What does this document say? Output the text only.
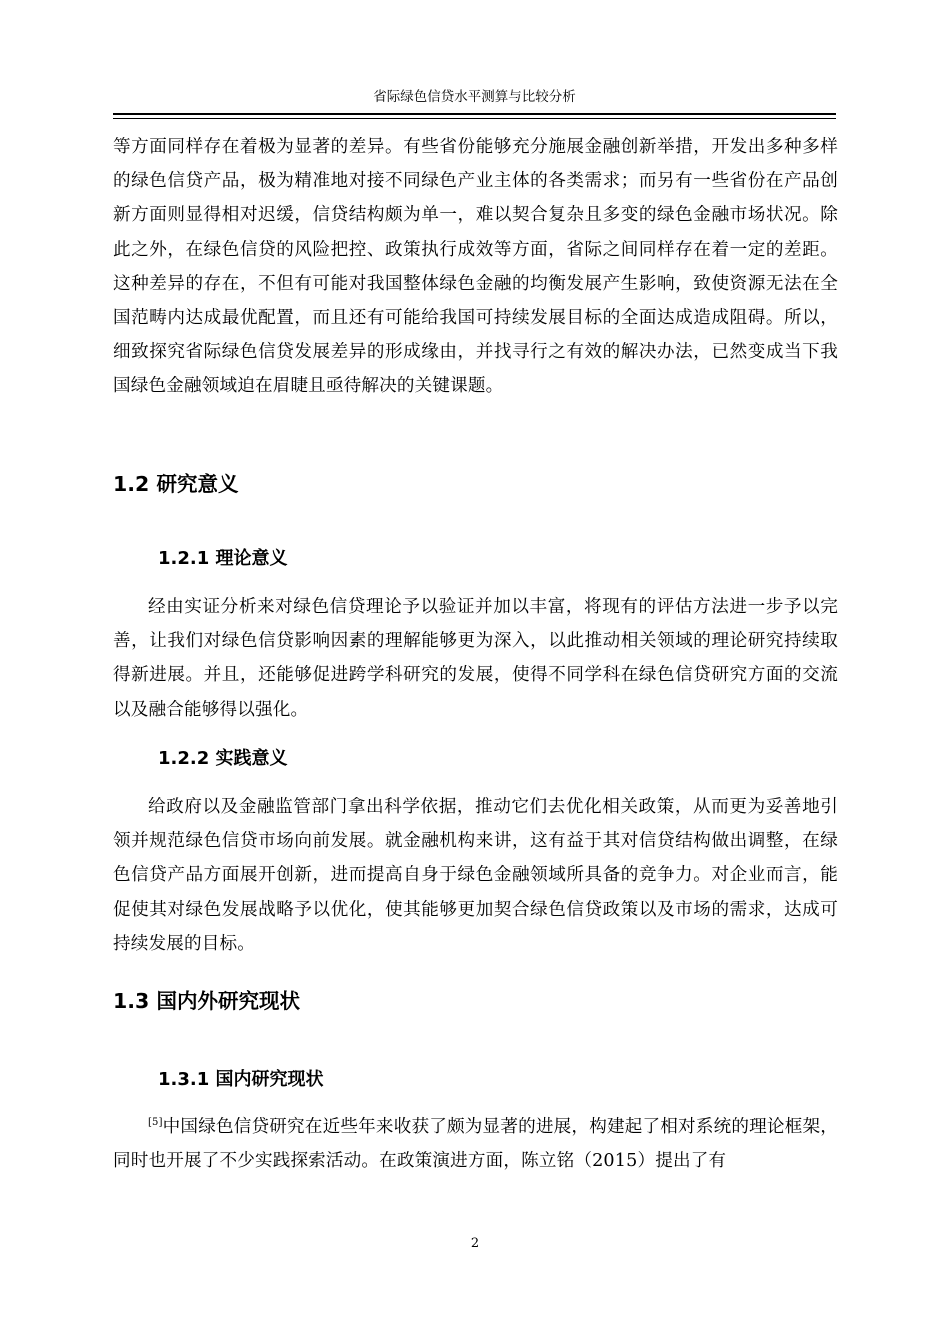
省际绿色信贷水平测算与比较分析
等方面同样存在着极为显著的差异。有些省份能够充分施展金融创新举措，开发出多种多样的绿色信贷产品，极为精准地对接不同绿色产业主体的各类需求；而另有一些省份在产品创新方面则显得相对迟缓，信贷结构颇为单一，难以契合复杂且多变的绿色金融市场状况。除此之外，在绿色信贷的风险把控、政策执行成效等方面，省际之间同样存在着一定的差距。这种差异的存在，不但有可能对我国整体绿色金融的均衡发展产生影响，致使资源无法在全国范畴内达成最优配置，而且还有可能给我国可持续发展目标的全面达成造成阻碍。所以，细致探究省际绿色信贷发展差异的形成缘由，并找寻行之有效的解决办法，已然变成当下我国绿色金融领域迫在眉睫且亟待解决的关键课题。
1.2 研究意义
1.2.1 理论意义
经由实证分析来对绿色信贷理论予以验证并加以丰富，将现有的评估方法进一步予以完善，让我们对绿色信贷影响因素的理解能够更为深入，以此推动相关领域的理论研究持续取得新进展。并且，还能够促进跨学科研究的发展，使得不同学科在绿色信贷研究方面的交流以及融合能够得以强化。
1.2.2 实践意义
给政府以及金融监管部门拿出科学依据，推动它们去优化相关政策，从而更为妥善地引领并规范绿色信贷市场向前发展。就金融机构来讲，这有益于其对信贷结构做出调整，在绿色信贷产品方面展开创新，进而提高自身于绿色金融领域所具备的竞争力。对企业而言，能促使其对绿色发展战略予以优化，使其能够更加契合绿色信贷政策以及市场的需求，达成可持续发展的目标。
1.3 国内外研究现状
1.3.1 国内研究现状
[5]中国绿色信贷研究在近些年来收获了颇为显著的进展，构建起了相对系统的理论框架，同时也开展了不少实践探索活动。在政策演进方面，陈立铭（2015）提出了有
2
